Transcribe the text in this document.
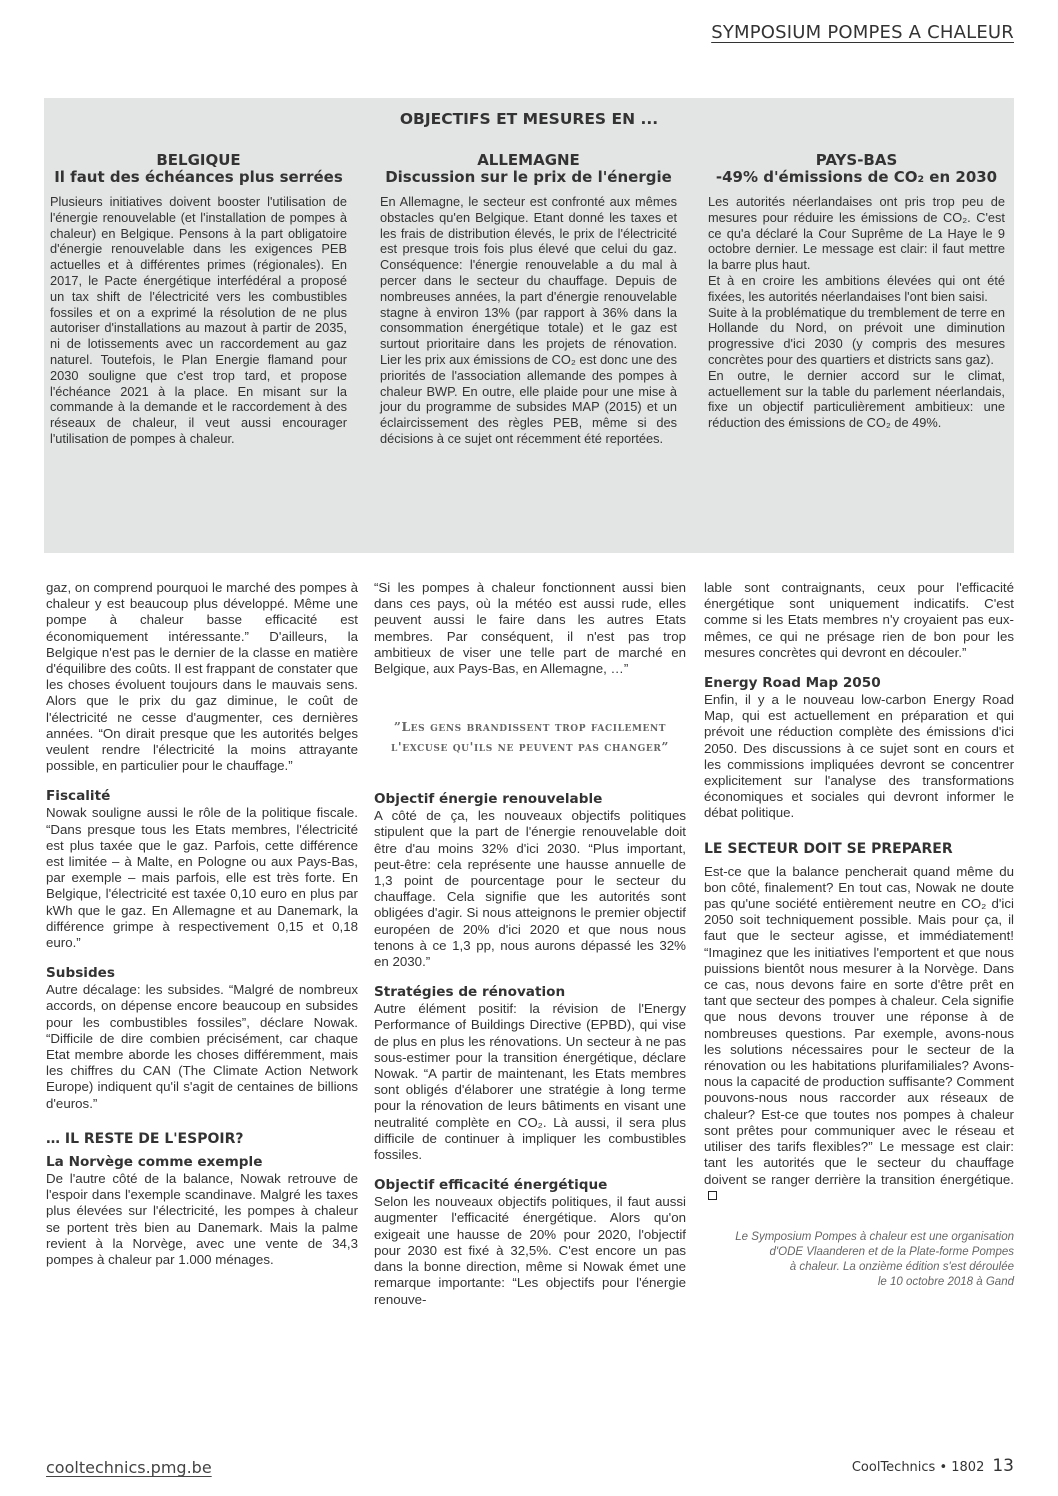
SYMPOSIUM POMPES A CHALEUR
OBJECTIFS ET MESURES EN ...
BELGIQUE
Il faut des échéances plus serrées
Plusieurs initiatives doivent booster l'utilisation de l'énergie renouvelable (et l'installation de pompes à chaleur) en Belgique. Pensons à la part obligatoire d'énergie renouvelable dans les exigences PEB actuelles et à différentes primes (régionales). En 2017, le Pacte énergétique interfédéral a proposé un tax shift de l'électricité vers les combustibles fossiles et on a exprimé la résolution de ne plus autoriser d'installations au mazout à partir de 2035, ni de lotissements avec un raccordement au gaz naturel. Toutefois, le Plan Energie flamand pour 2030 souligne que c'est trop tard, et propose l'échéance 2021 à la place. En misant sur la commande à la demande et le raccordement à des réseaux de chaleur, il veut aussi encourager l'utilisation de pompes à chaleur.
ALLEMAGNE
Discussion sur le prix de l'énergie
En Allemagne, le secteur est confronté aux mêmes obstacles qu'en Belgique. Etant donné les taxes et les frais de distribution élevés, le prix de l'électricité est presque trois fois plus élevé que celui du gaz. Conséquence: l'énergie renouvelable a du mal à percer dans le secteur du chauffage. Depuis de nombreuses années, la part d'énergie renouvelable stagne à environ 13% (par rapport à 36% dans la consommation énergétique totale) et le gaz est surtout prioritaire dans les projets de rénovation. Lier les prix aux émissions de CO₂ est donc une des priorités de l'association allemande des pompes à chaleur BWP. En outre, elle plaide pour une mise à jour du programme de subsides MAP (2015) et un éclaircissement des règles PEB, même si des décisions à ce sujet ont récemment été reportées.
PAYS-BAS
-49% d'émissions de CO₂ en 2030

Les autorités néerlandaises ont pris trop peu de mesures pour réduire les émissions de CO₂. C'est ce qu'a déclaré la Cour Suprême de La Haye le 9 octobre dernier. Le message est clair: il faut mettre la barre plus haut.

Et à en croire les ambitions élevées qui ont été fixées, les autorités néerlandaises l'ont bien saisi.

Suite à la problématique du tremblement de terre en Hollande du Nord, on prévoit une diminution progressive d'ici 2030 (y compris des mesures concrètes pour des quartiers et districts sans gaz).

En outre, le dernier accord sur le climat, actuellement sur la table du parlement néerlandais, fixe un objectif particulièrement ambitieux: une réduction des émissions de CO₂ de 49%.

gaz, on comprend pourquoi le marché des pompes à chaleur y est beaucoup plus développé. Même une pompe à chaleur basse efficacité est économiquement intéressante.” D'ailleurs, la Belgique n'est pas le dernier de la classe en matière d'équilibre des coûts. Il est frappant de constater que les choses évoluent toujours dans le mauvais sens. Alors que le prix du gaz diminue, le coût de l'électricité ne cesse d'augmenter, ces dernières années. “On dirait presque que les autorités belges veulent rendre l'électricité la moins attrayante possible, en particulier pour le chauffage.”

Fiscalité

Nowak souligne aussi le rôle de la politique fiscale. “Dans presque tous les Etats membres, l'électricité est plus taxée que le gaz. Parfois, cette différence est limitée – à Malte, en Pologne ou aux Pays-Bas, par exemple – mais parfois, elle est très forte. En Belgique, l'électricité est taxée 0,10 euro en plus par kWh que le gaz. En Allemagne et au Danemark, la différence grimpe à respectivement 0,15 et 0,18 euro.”

Subsides

Autre décalage: les subsides. “Malgré de nombreux accords, on dépense encore beaucoup en subsides pour les combustibles fossiles”, déclare Nowak. “Difficile de dire combien précisément, car chaque Etat membre aborde les choses différemment, mais les chiffres du CAN (The Climate Action Network Europe) indiquent qu'il s'agit de centaines de billions d'euros.”

… IL RESTE DE L'ESPOIR?
La Norvège comme exemple

De l'autre côté de la balance, Nowak retrouve de l'espoir dans l'exemple scandinave. Malgré les taxes plus élevées sur l'électricité, les pompes à chaleur se portent très bien au Danemark. Mais la palme revient à la Norvège, avec une vente de 34,3 pompes à chaleur par 1.000 ménages.

“Si les pompes à chaleur fonctionnent aussi bien dans ces pays, où la météo est aussi rude, elles peuvent aussi le faire dans les autres Etats membres. Par conséquent, il n'est pas trop ambitieux de viser une telle part de marché en Belgique, aux Pays-Bas, en Allemagne, …”

”Les gens brandissent trop facilement l'excuse qu'ils ne peuvent pas changer”
Objectif énergie renouvelable

A côté de ça, les nouveaux objectifs politiques stipulent que la part de l'énergie renouvelable doit être d'au moins 32% d'ici 2030. “Plus important, peut-être: cela représente une hausse annuelle de 1,3 point de pourcentage pour le secteur du chauffage. Cela signifie que les autorités sont obligées d'agir. Si nous atteignons le premier objectif européen de 20% d'ici 2020 et que nous nous tenons à ce 1,3 pp, nous aurons dépassé les 32% en 2030.”

Stratégies de rénovation

Autre élément positif: la révision de l'Energy Performance of Buildings Directive (EPBD), qui vise de plus en plus les rénovations. Un secteur à ne pas sous-estimer pour la transition énergétique, déclare Nowak. “A partir de maintenant, les Etats membres sont obligés d'élaborer une stratégie à long terme pour la rénovation de leurs bâtiments en visant une neutralité complète en CO₂. Là aussi, il sera plus difficile de continuer à impliquer les combustibles fossiles.

Objectif efficacité énergétique

Selon les nouveaux objectifs politiques, il faut aussi augmenter l'efficacité énergétique. Alors qu'on exigeait une hausse de 20% pour 2020, l'objectif pour 2030 est fixé à 32,5%. C'est encore un pas dans la bonne direction, même si Nowak émet une remarque importante: “Les objectifs pour l'énergie renouve-

lable sont contraignants, ceux pour l'efficacité énergétique sont uniquement indicatifs. C'est comme si les Etats membres n'y croyaient pas eux-mêmes, ce qui ne présage rien de bon pour les mesures concrètes qui devront en découler.”

Energy Road Map 2050

Enfin, il y a le nouveau low-carbon Energy Road Map, qui est actuellement en préparation et qui prévoit une réduction complète des émissions d'ici 2050. Des discussions à ce sujet sont en cours et les commissions impliquées devront se concentrer explicitement sur l'analyse des transformations économiques et sociales qui devront informer le débat politique.

LE SECTEUR DOIT SE PREPARER

Est-ce que la balance pencherait quand même du bon côté, finalement? En tout cas, Nowak ne doute pas qu'une société entièrement neutre en CO₂ d'ici 2050 soit techniquement possible. Mais pour ça, il faut que le secteur agisse, et immédiatement! “Imaginez que les initiatives l'emportent et que nous puissions bientôt nous mesurer à la Norvège. Dans ce cas, nous devons faire en sorte d'être prêt en tant que secteur des pompes à chaleur. Cela signifie que nous devons trouver une réponse à de nombreuses questions. Par exemple, avons-nous les solutions nécessaires pour le secteur de la rénovation ou les habitations plurifamiliales? Avons-nous la capacité de production suffisante? Comment pouvons-nous nous raccorder aux réseaux de chaleur? Est-ce que toutes nos pompes à chaleur sont prêtes pour communiquer avec le réseau et utiliser des tarifs flexibles?” Le message est clair: tant les autorités que le secteur du chauffage doivent se ranger derrière la transition énergétique.

Le Symposium Pompes à chaleur est une organisation
d'ODE Vlaanderen et de la Plate-forme Pompes
à chaleur. La onzième édition s'est déroulée
le 10 octobre 2018 à Gand
cooltechnics.pmg.be	CoolTechnics • 1802 13
